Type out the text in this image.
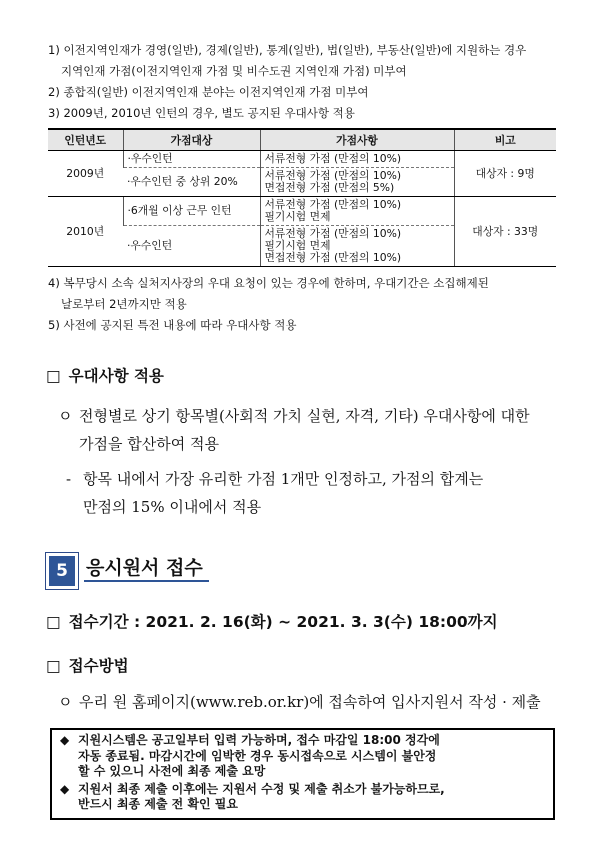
1) 이전지역인재가 경영(일반), 경제(일반), 통계(일반), 법(일반), 부동산(일반)에 지원하는 경우
지역인재 가점(이전지역인재 가점 및 비수도권 지역인재 가점) 미부여
2) 종합직(일반) 이전지역인재 분야는 이전지역인재 가점 미부여
3) 2009년, 2010년 인턴의 경우, 별도 공지된 우대사항 적용
인턴년도	가점대상	가점사항	비고
2009년	·우수인턴	서류전형 가점 (만점의 10%)	대상자 : 9명
	·우수인턴 중 상위 20%	서류전형 가점 (만점의 10%)
면접전형 가점 (만점의 5%)	

2010년	·6개월 이상 근무 인턴	서류전형 가점 (만점의 10%)
필기시험 면제	대상자 : 33명
	·우수인턴	서류전형 가점 (만점의 10%)
필기시험 면제
면접전형 가점 (만점의 10%)	
4) 복무당시 소속 실처지사장의 우대 요청이 있는 경우에 한하며, 우대기간은 소집해제된
날로부터 2년까지만 적용
5) 사전에 공지된 특전 내용에 따라 우대사항 적용
□ 우대사항 적용
ㅇ 전형별로 상기 항목별(사회적 가치 실현, 자격, 기타) 우대사항에 대한
가점을 합산하여 적용
- 항목 내에서 가장 유리한 가점 1개만 인정하고, 가점의 합계는
만점의 15% 이내에서 적용
5 응시원서 접수
□ 접수기간 : 2021. 2. 16(화) ~ 2021. 3. 3(수) 18:00까지
□ 접수방법
ㅇ 우리 원 홈페이지(www.reb.or.kr)에 접속하여 입사지원서 작성 · 제출
◆ 지원시스템은 공고일부터 입력 가능하며, 접수 마감일 18:00 정각에
자동 종료됨. 마감시간에 임박한 경우 동시접속으로 시스템이 불안정
할 수 있으니 사전에 최종 제출 요망
◆ 지원서 최종 제출 이후에는 지원서 수정 및 제출 취소가 불가능하므로,
반드시 최종 제출 전 확인 필요
